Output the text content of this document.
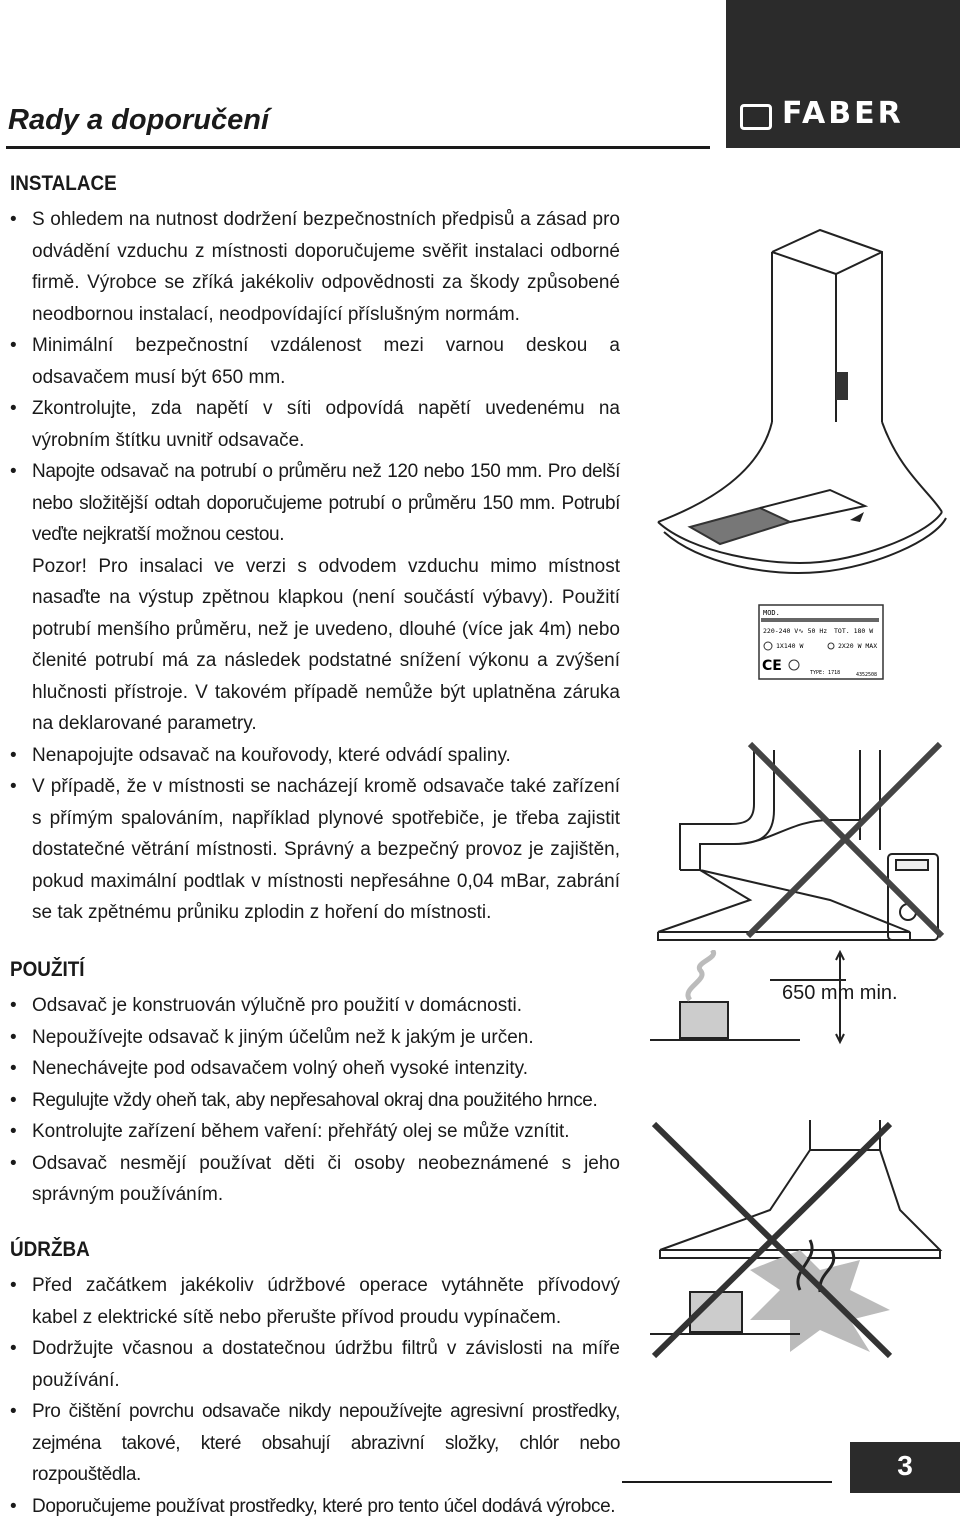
FABER
Rady a doporučení
INSTALACE
• S ohledem na nutnost dodržení bezpečnostních předpisů a zásad pro odvádění vzduchu z místnosti doporučujeme svěřit instalaci odborné firmě. Výrobce se zříká jakékoliv odpovědnosti za škody způsobené neodbornou instalací, neodpovídající příslušným normám.
• Minimální bezpečnostní vzdálenost mezi varnou deskou a odsavačem musí být 650 mm.
• Zkontrolujte, zda napětí v síti odpovídá napětí uvedenému na výrobním štítku uvnitř odsavače.
• Napojte odsavač na potrubí o průměru než 120 nebo 150 mm. Pro delší nebo složitější odtah doporučujeme potrubí o průměru 150 mm. Potrubí veďte nejkratší možnou cestou.
Pozor! Pro insalaci ve verzi s odvodem vzduchu mimo místnost nasaďte na výstup zpětnou klapkou (není součástí výbavy). Použití potrubí menšího průměru, než je uvedeno, dlouhé (více jak 4m) nebo členité potrubí má za následek podstatné snížení výkonu a zvýšení hlučnosti přístroje. V takovém případě nemůže být uplatněna záruka na deklarované parametry.
• Nenapojujte odsavač na kouřovody, které odvádí spaliny.
• V případě, že v místnosti se nacházejí kromě odsavače také zařízení s přímým spalováním, například plynové spotřebiče, je třeba zajistit dostatečné větrání místnosti. Správný a bezpečný provoz je zajištěn, pokud maximální podtlak v místnosti nepřesáhne 0,04 mBar, zabrání se tak zpětnému průniku zplodin z hoření do místnosti.
POUŽITÍ
• Odsavač je konstruován výlučně pro použití v domácnosti.
• Nepoužívejte odsavač k jiným účelům než k jakým je určen.
• Nenechávejte pod odsavačem volný oheň vysoké intenzity.
• Regulujte vždy oheň tak, aby nepřesahoval okraj dna použitého hrnce.
• Kontrolujte zařízení během vaření: přehřátý olej se může vznítit.
• Odsavač nesmějí používat děti či osoby neobeznámené s jeho správným používáním.
ÚDRŽBA
• Před začátkem jakékoliv údržbové operace vytáhněte přívodový kabel z elektrické sítě nebo přerušte přívod proudu vypínačem.
• Dodržujte včasnou a dostatečnou údržbu filtrů v závislosti na míře používání.
• Pro čištění povrchu odsavače nikdy nepoužívejte agresivní prostředky, zejména takové, které obsahují abrazivní složky, chlór nebo rozpouštědla.
• Doporučujeme používat prostředky, které pro tento účel dodává výrobce.
MOD.
220-240 V∿ 50 Hz TOT. 180 W
1X140 W	2X20 W MAX
CE	TYPE: 1718	4352508
650 mm min.
3
